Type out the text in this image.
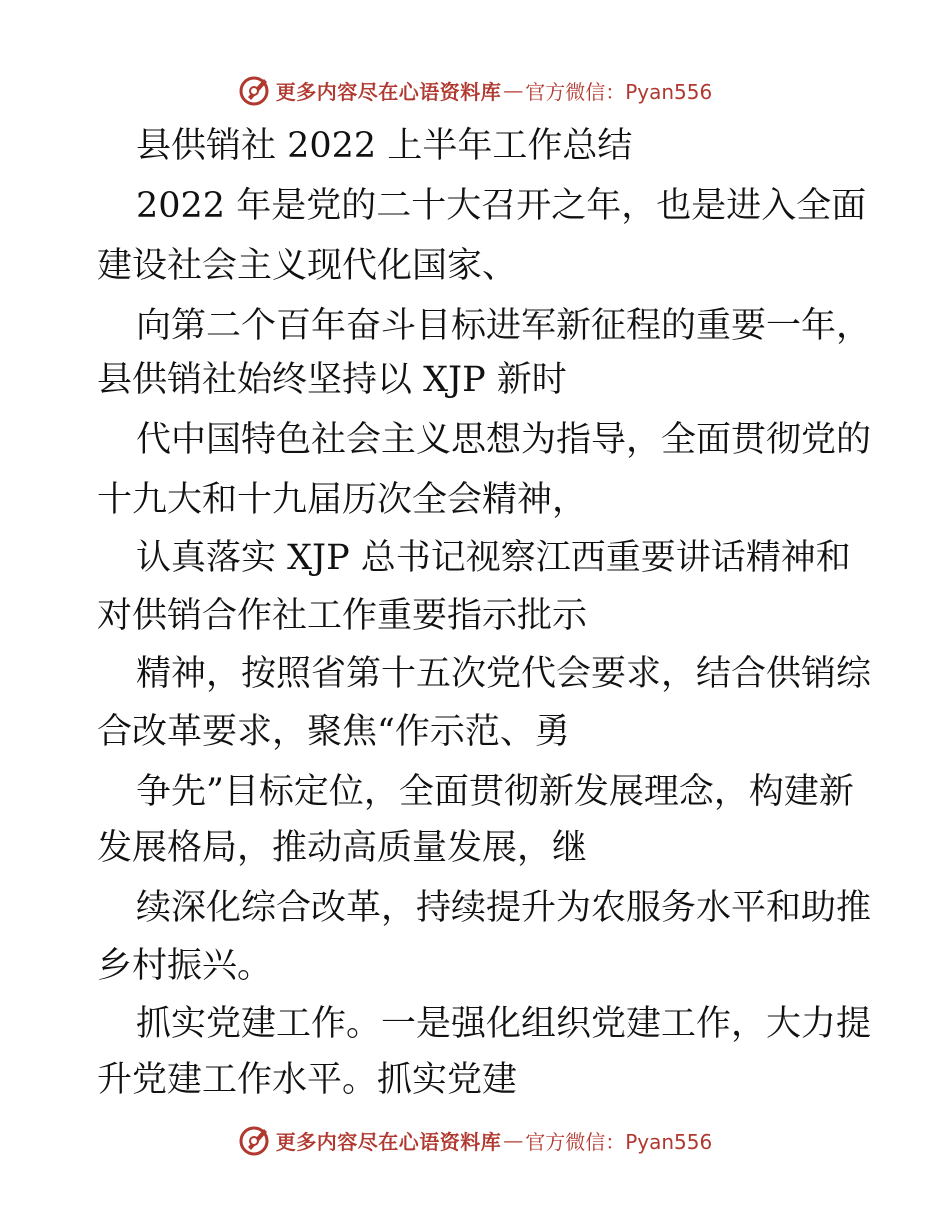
更多内容尽在心语资料库 — 官方微信：Pyan556
县供销社 2022 上半年工作总结
2022 年是党的二十大召开之年，也是进入全面
建设社会主义现代化国家、
向第二个百年奋斗目标进军新征程的重要一年，
县供销社始终坚持以 XJP 新时
代中国特色社会主义思想为指导，全面贯彻党的
十九大和十九届历次全会精神，
认真落实 XJP 总书记视察江西重要讲话精神和
对供销合作社工作重要指示批示
精神，按照省第十五次党代会要求，结合供销综
合改革要求，聚焦“作示范、勇
争先”目标定位，全面贯彻新发展理念，构建新
发展格局，推动高质量发展，继
续深化综合改革，持续提升为农服务水平和助推
乡村振兴。
抓实党建工作。一是强化组织党建工作，大力提
升党建工作水平。抓实党建
更多内容尽在心语资料库 — 官方微信：Pyan556
